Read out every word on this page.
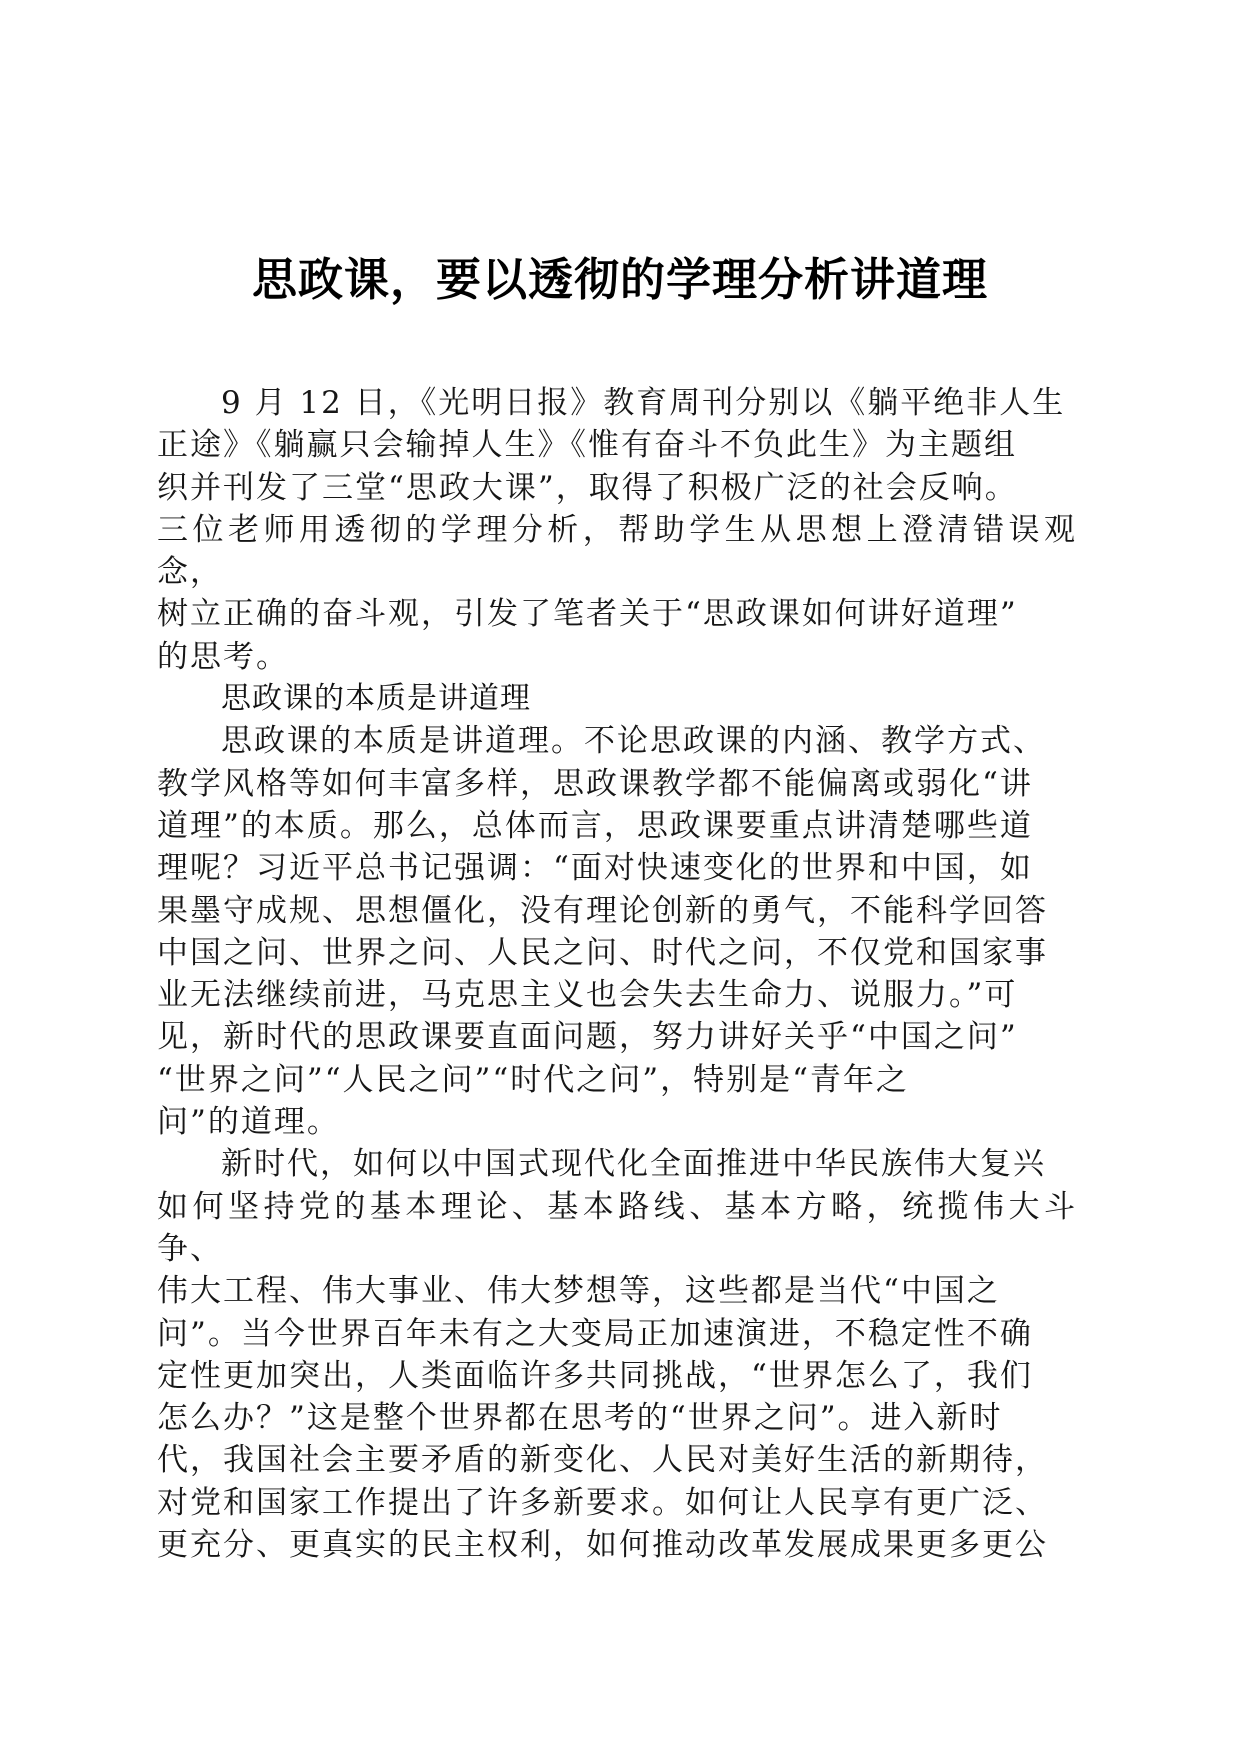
思政课，要以透彻的学理分析讲道理

9 月 12 日，《光明日报》教育周刊分别以《躺平绝非人生
正途》《躺赢只会输掉人生》《惟有奋斗不负此生》为主题组
织并刊发了三堂“思政大课”，取得了积极广泛的社会反响。
三位老师用透彻的学理分析，帮助学生从思想上澄清错误观念，
树立正确的奋斗观，引发了笔者关于“思政课如何讲好道理”
的思考。

思政课的本质是讲道理

思政课的本质是讲道理。不论思政课的内涵、教学方式、
教学风格等如何丰富多样，思政课教学都不能偏离或弱化“讲
道理”的本质。那么，总体而言，思政课要重点讲清楚哪些道
理呢？习近平总书记强调：“面对快速变化的世界和中国，如
果墨守成规、思想僵化，没有理论创新的勇气，不能科学回答
中国之问、世界之问、人民之问、时代之问，不仅党和国家事
业无法继续前进，马克思主义也会失去生命力、说服力。”可
见，新时代的思政课要直面问题，努力讲好关乎“中国之问”
“世界之问”“人民之问”“时代之问”，特别是“青年之
问”的道理。

新时代，如何以中国式现代化全面推进中华民族伟大复兴
如何坚持党的基本理论、基本路线、基本方略，统揽伟大斗争、
伟大工程、伟大事业、伟大梦想等，这些都是当代“中国之
问”。当今世界百年未有之大变局正加速演进，不稳定性不确
定性更加突出，人类面临许多共同挑战，“世界怎么了，我们
怎么办？”这是整个世界都在思考的“世界之问”。进入新时
代，我国社会主要矛盾的新变化、人民对美好生活的新期待，
对党和国家工作提出了许多新要求。如何让人民享有更广泛、
更充分、更真实的民主权利，如何推动改革发展成果更多更公
